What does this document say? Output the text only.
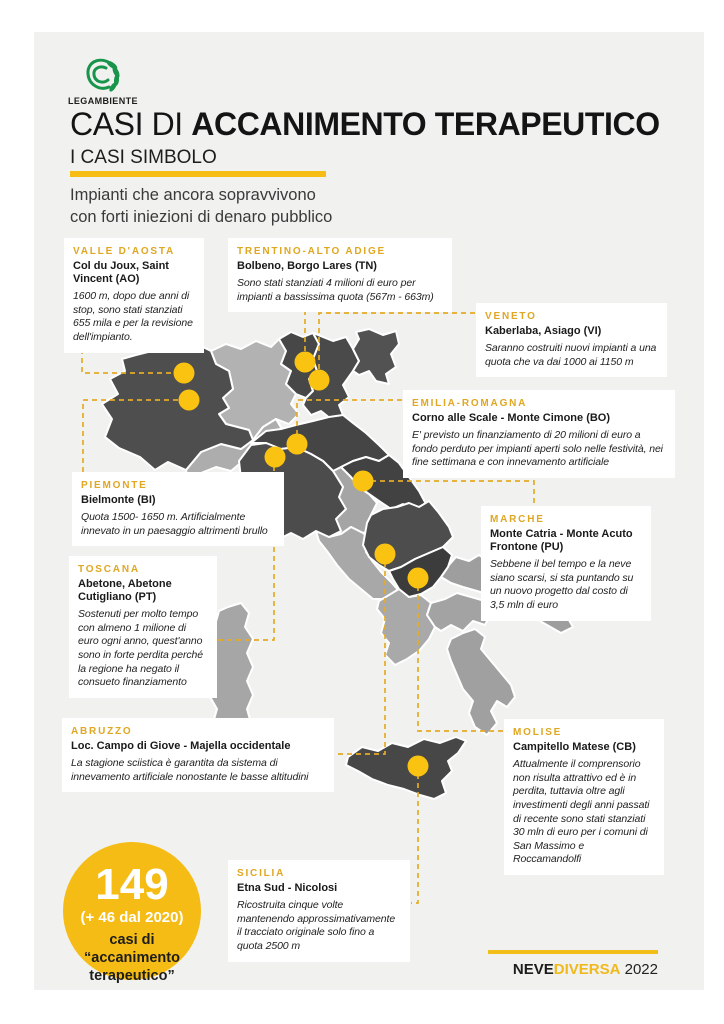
LEGAMBIENTE
CASI DI ACCANIMENTO TERAPEUTICO
I CASI SIMBOLO
Impianti che ancora sopravvivono
con forti iniezioni di denaro pubblico
VALLE D'AOSTA
Col du Joux, Saint Vincent (AO)
1600 m, dopo due anni di stop, sono stati stanziati 655 mila e per la revisione dell'impianto.
TRENTINO-ALTO ADIGE
Bolbeno, Borgo Lares (TN)
Sono stati stanziati 4 milioni di euro per impianti a bassissima quota (567m - 663m)
VENETO
Kaberlaba, Asiago (VI)
Saranno costruiti nuovi impianti a una quota che va dai 1000 ai 1150 m
EMILIA-ROMAGNA
Corno alle Scale - Monte Cimone (BO)
E' previsto un finanziamento di 20 milioni di euro a fondo perduto per impianti aperti solo nelle festività, nei fine settimana e con innevamento artificiale
PIEMONTE
Bielmonte (BI)
Quota 1500- 1650 m. Artificialmente innevato in un paesaggio altrimenti brullo
MARCHE
Monte Catria - Monte Acuto Frontone (PU)
Sebbene il bel tempo e la neve siano scarsi, si sta puntando su un nuovo progetto dal costo di 3,5 mln di euro
TOSCANA
Abetone, Abetone Cutigliano (PT)
Sostenuti per molto tempo con almeno 1 milione di euro ogni anno, quest'anno sono in forte perdita perché la regione ha negato il consueto finanziamento
ABRUZZO
Loc. Campo di Giove - Majella occidentale
La stagione sciistica è garantita da sistema di innevamento artificiale nonostante le basse altitudini
MOLISE
Campitello Matese (CB)
Attualmente il comprensorio non risulta attrattivo ed è in perdita, tuttavia oltre agli investimenti degli anni passati di recente sono stati stanziati 30 mln di euro per i comuni di San Massimo e Roccamandolfi
SICILIA
Etna Sud - Nicolosi
Ricostruita cinque volte mantenendo approssimativamente il tracciato originale solo fino a quota 2500 m
149
(+ 46 dal 2020)
casi di “accanimento terapeutico”	NEVEDIVERSA 2022
